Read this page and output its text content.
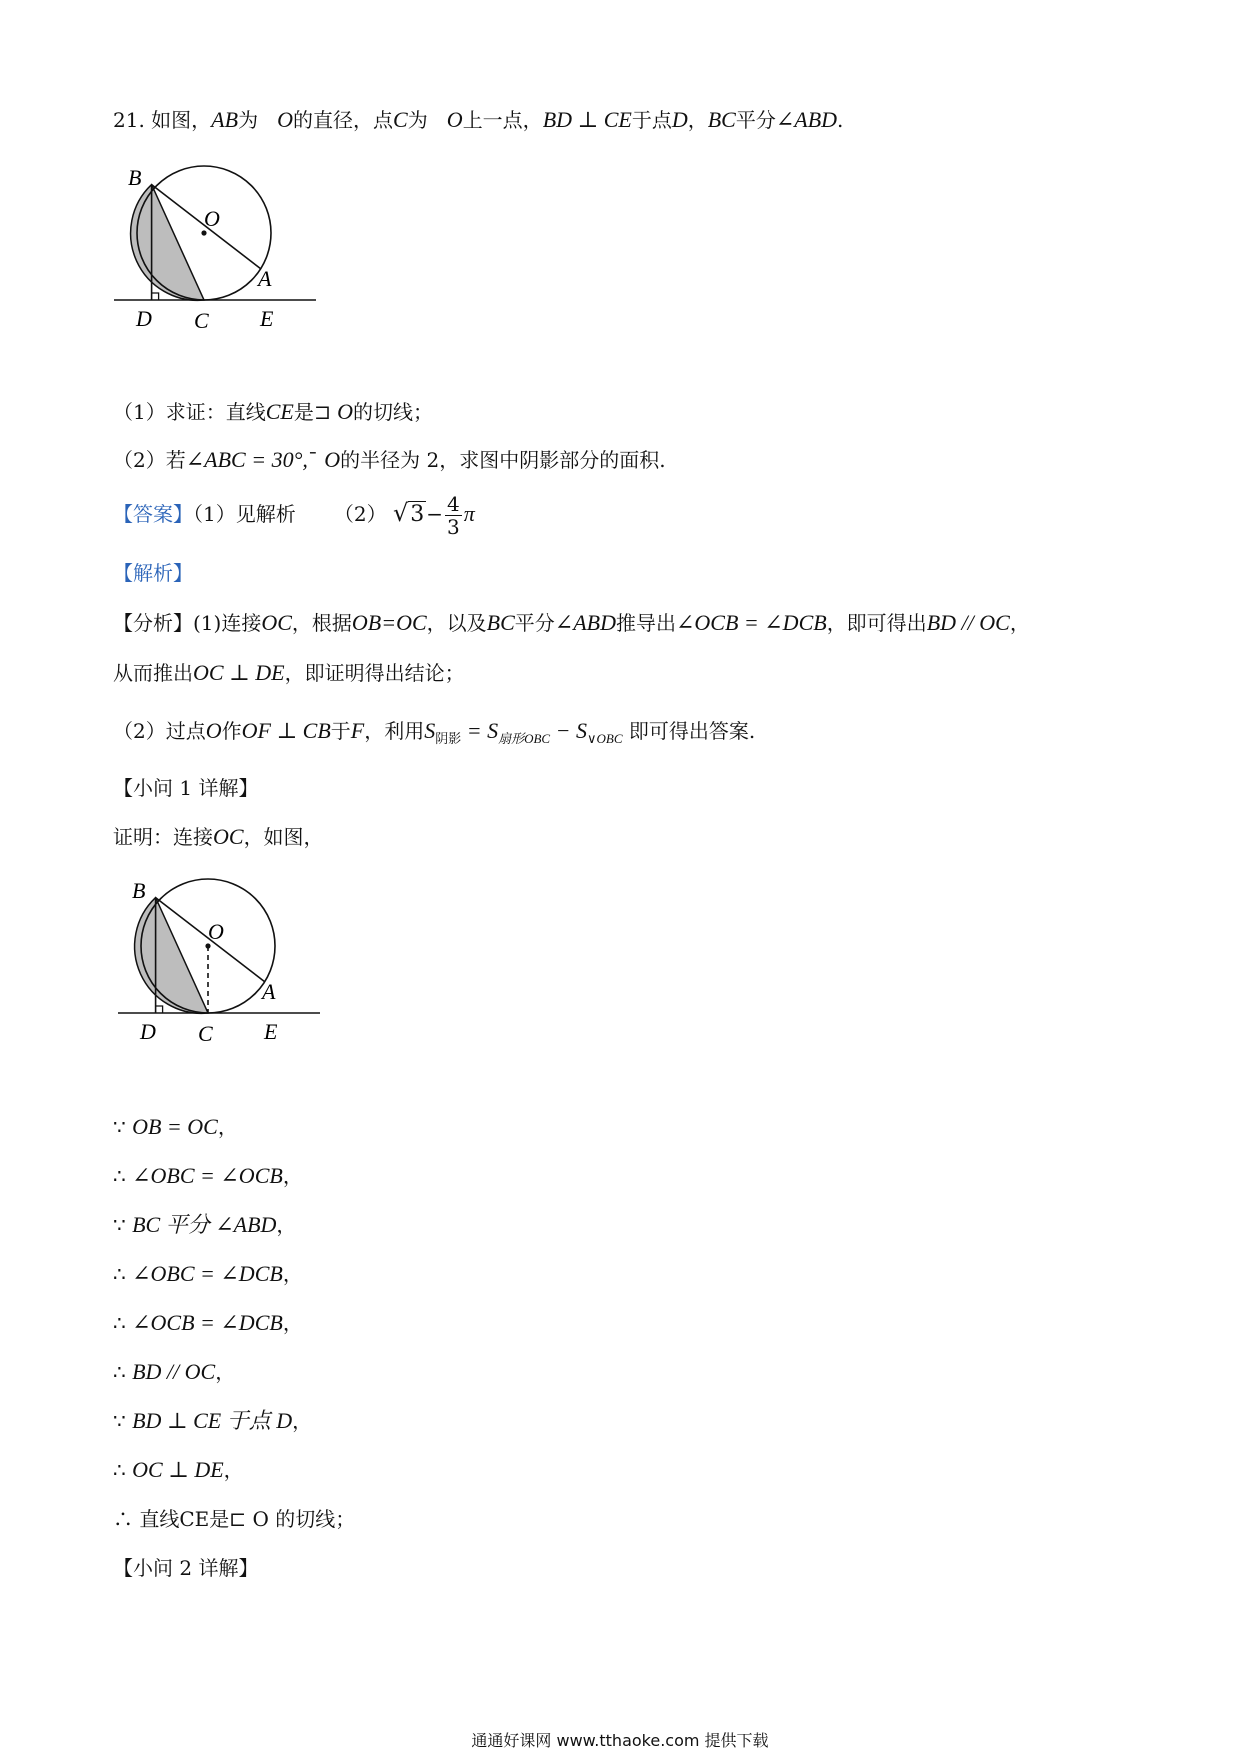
21. 如图，AB为 O的直径，点C为 O上一点，BD ⊥ CE于点D，BC平分∠ABD.
B
O
A
D C E
（1）求证：直线CE是⊐ O的切线；
（2）若∠ABC = 30°,¯ O的半径为 2，求图中阴影部分的面积.
【答案】（1）见解析 （2） $√3 - \frac{4}{3}$ π
【解析】
【分析】(1)连接OC，根据OB=OC，以及BC平分∠ABD推导出∠OCB = ∠DCB，即可得出BD // OC，
从而推出OC ⊥ DE，即证明得出结论；
（2）过点O作OF ⊥ CB于F，利用$S_{阴影} = S_{扇形OBC} - S_{\vee OBC}$ 即可得出答案.
【小问 1 详解】
证明：连接OC，如图，
B
O
A
D C E
∵ OB = OC，
∴ ∠OBC = ∠OCB，
∵ BC 平分 ∠ABD，
∴ ∠OBC = ∠DCB，
∴ ∠OCB = ∠DCB，
∴ BD // OC，
∵ BD ⊥ CE 于点 D，
∴ OC ⊥ DE，
∴ 直线CE是⊏ O 的切线；
【小问 2 详解】
通通好课网 www.tthaoke.com 提供下载
